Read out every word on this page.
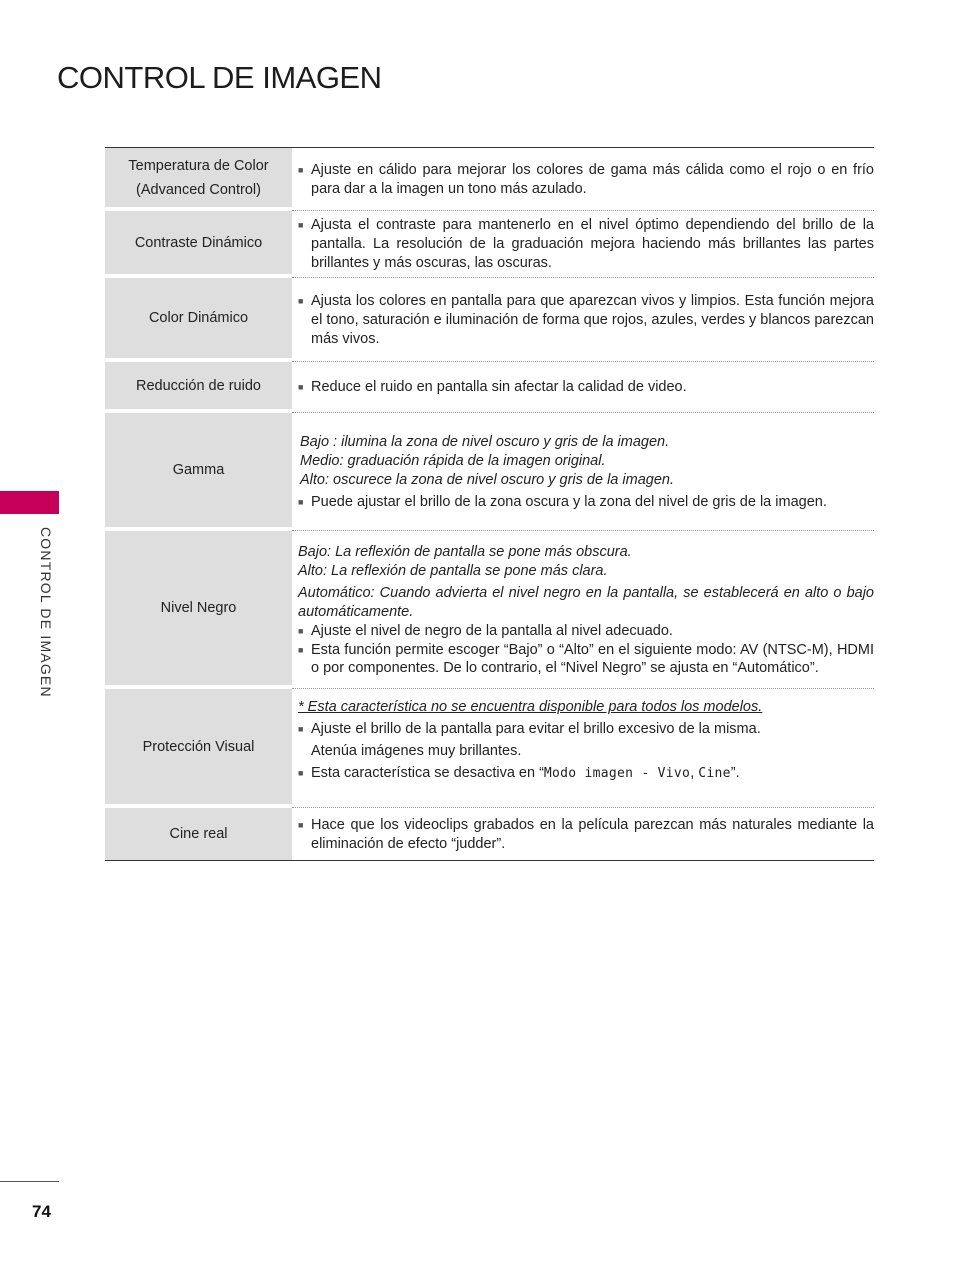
CONTROL DE IMAGEN
CONTROL DE IMAGEN
Temperatura de Color
(Advanced Control)
■ Ajuste en cálido para mejorar los colores de gama más cálida como el rojo o en frío para dar a la imagen un tono más azulado.
Contraste Dinámico
■ Ajusta el contraste para mantenerlo en el nivel óptimo dependiendo del brillo de la pantalla. La resolución de la graduación mejora haciendo más brillantes las partes brillantes y más oscuras, las oscuras.
Color Dinámico
■ Ajusta los colores en pantalla para que aparezcan vivos y limpios. Esta función mejora el tono, saturación e iluminación de forma que rojos, azules, verdes y blancos parezcan más vivos.
Reducción de ruido	■ Reduce el ruido en pantalla sin afectar la calidad de video.
Gamma
Bajo : ilumina la zona de nivel oscuro y gris de la imagen.
Medio: graduación rápida de la imagen original.
Alto: oscurece la zona de nivel oscuro y gris de la imagen.
■ Puede ajustar el brillo de la zona oscura y la zona del nivel de gris de la imagen.
Nivel Negro
Bajo: La reflexión de pantalla se pone más obscura.
Alto: La reflexión de pantalla se pone más clara.
Automático: Cuando advierta el nivel negro en la pantalla, se establecerá en alto o bajo automáticamente.
■ Ajuste el nivel de negro de la pantalla al nivel adecuado.
■ Esta función permite escoger “Bajo” o “Alto” en el siguiente modo: AV (NTSC-M), HDMI o por componentes. De lo contrario, el “Nivel Negro” se ajusta en “Automático”.
Protección Visual
* Esta característica no se encuentra disponible para todos los modelos.
■ Ajuste el brillo de la pantalla para evitar el brillo excesivo de la misma.
Atenúa imágenes muy brillantes.
■ Esta característica se desactiva en “Modo imagen - Vivo, Cine”.
Cine real
■ Hace que los videoclips grabados en la película parezcan más naturales mediante la eliminación de efecto “judder”.
74
